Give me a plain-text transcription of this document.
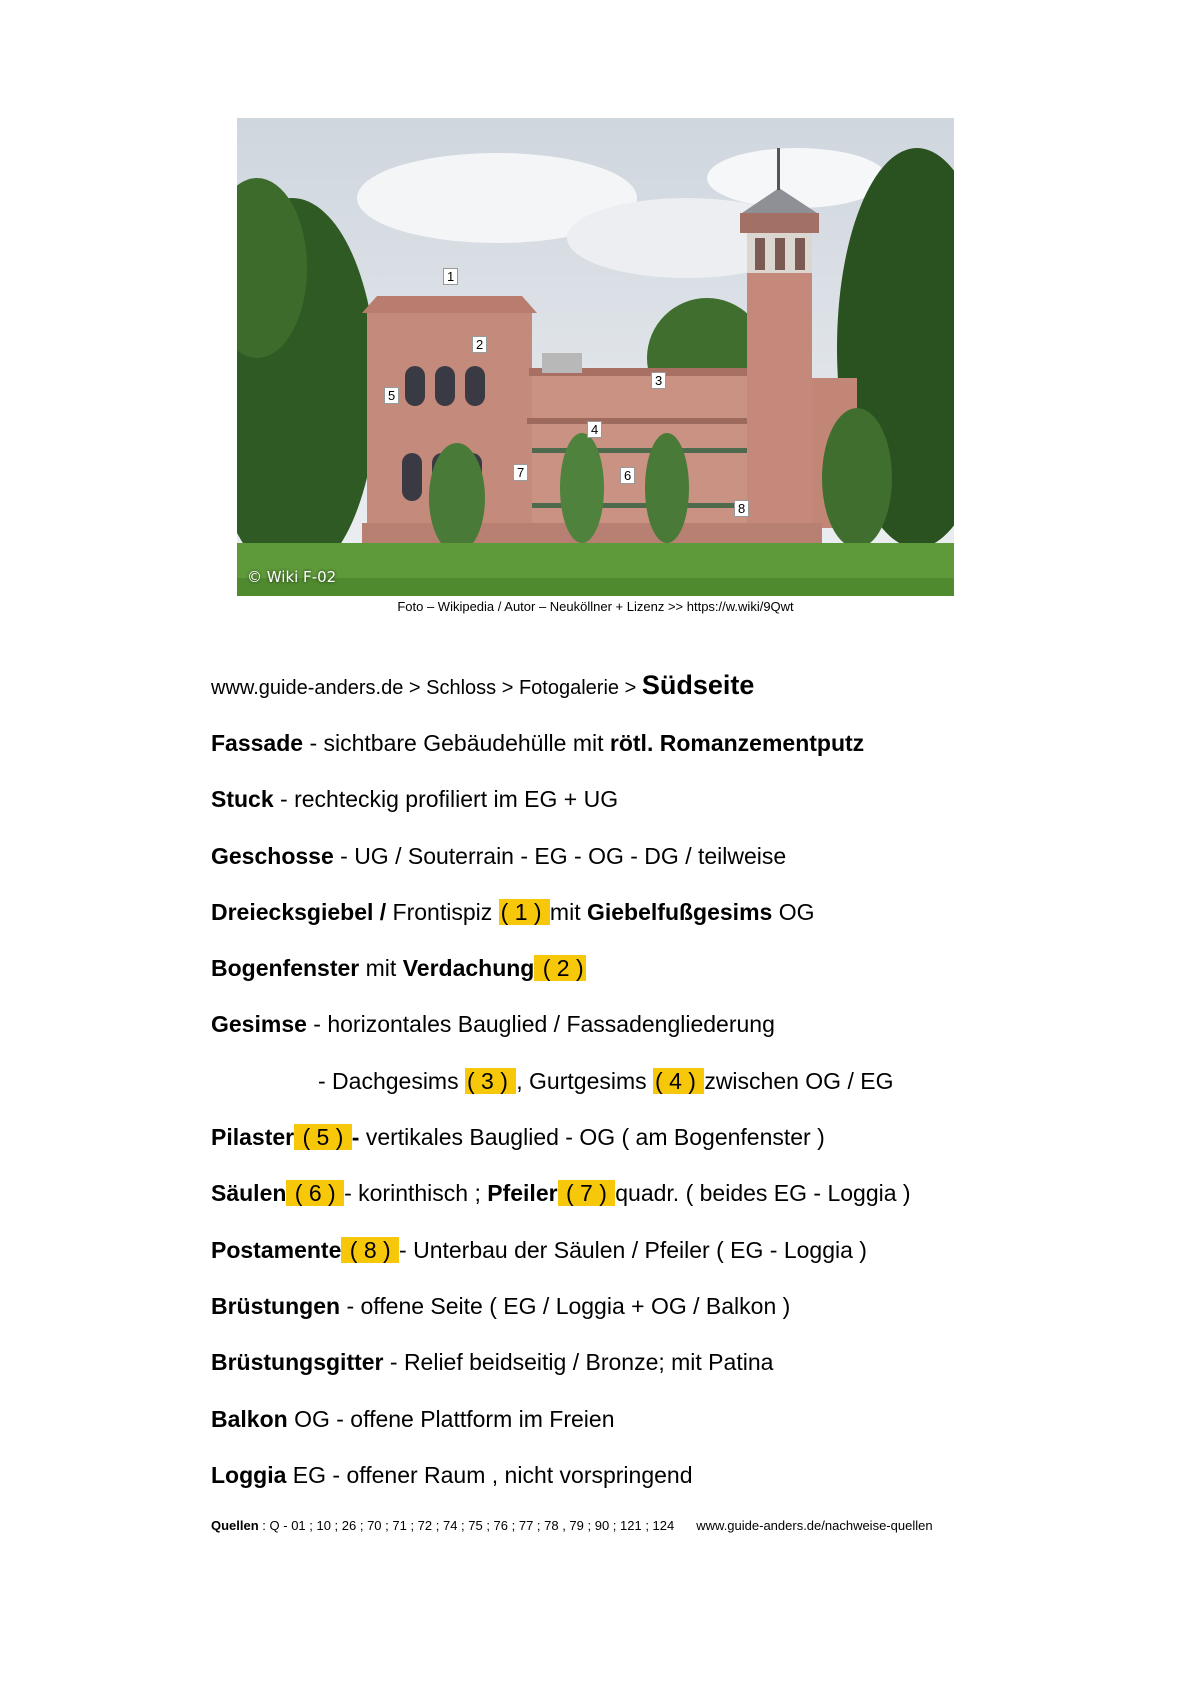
1
2
3
4
5
6
7
8
© Wiki F-02
Foto – Wikipedia / Autor – Neuköllner + Lizenz >> https://w.wiki/9Qwt
www.guide-anders.de > Schloss > Fotogalerie > Südseite
Fassade - sichtbare Gebäudehülle mit rötl. Romanzementputz
Stuck - rechteckig profiliert im EG + UG
Geschosse - UG / Souterrain - EG - OG - DG / teilweise
Dreiecksgiebel / Frontispiz ( 1 ) mit Giebelfußgesims OG
Bogenfenster mit Verdachung ( 2 )
Gesimse - horizontales Bauglied / Fassadengliederung
- Dachgesims ( 3 ) , Gurtgesims ( 4 ) zwischen OG / EG
Pilaster ( 5 ) - vertikales Bauglied - OG ( am Bogenfenster )
Säulen ( 6 ) - korinthisch ; Pfeiler ( 7 ) quadr. ( beides EG - Loggia )
Postamente ( 8 ) - Unterbau der Säulen / Pfeiler ( EG - Loggia )
Brüstungen - offene Seite ( EG / Loggia + OG / Balkon )
Brüstungsgitter - Relief beidseitig / Bronze; mit Patina
Balkon OG - offene Plattform im Freien
Loggia EG - offener Raum , nicht vorspringend
Quellen : Q - 01 ; 10 ; 26 ; 70 ; 71 ; 72 ; 74 ; 75 ; 76 ; 77 ; 78 , 79 ; 90 ; 121 ; 124 www.guide-anders.de/nachweise-quellen
